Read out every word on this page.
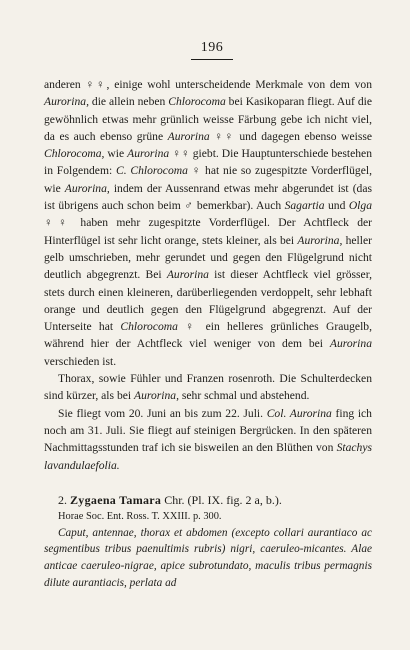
196

anderen ♀♀, einige wohl unterscheidende Merkmale von dem von Aurorina, die allein neben Chlorocoma bei Kasikoparan fliegt. Auf die gewöhnlich etwas mehr grünlich weisse Färbung gebe ich nicht viel, da es auch ebenso grüne Aurorina ♀♀ und dagegen ebenso weisse Chlorocoma, wie Aurorina ♀♀ giebt. Die Hauptunterschiede bestehen in Folgendem: C. Chlorocoma ♀ hat nie so zugespitzte Vorderflügel, wie Aurorina, indem der Aussenrand etwas mehr abgerundet ist (das ist übrigens auch schon beim ♂ bemerkbar). Auch Sagartia und Olga ♀♀ haben mehr zugespitzte Vorderflügel. Der Achtfleck der Hinterflügel ist sehr licht orange, stets kleiner, als bei Aurorina, heller gelb umschrieben, mehr gerundet und gegen den Flügelgrund nicht deutlich abgegrenzt. Bei Aurorina ist dieser Achtfleck viel grösser, stets durch einen kleineren, darüberliegenden verdoppelt, sehr lebhaft orange und deutlich gegen den Flügelgrund abgegrenzt. Auf der Unterseite hat Chlorocoma ♀ ein helleres grünliches Graugelb, während hier der Achtfleck viel weniger von dem bei Aurorina verschieden ist.

Thorax, sowie Fühler und Franzen rosenroth. Die Schulterdecken sind kürzer, als bei Aurorina, sehr schmal und abstehend.

Sie fliegt vom 20. Juni an bis zum 22. Juli. Col. Aurorina fing ich noch am 31. Juli. Sie fliegt auf steinigen Bergrücken. In den späteren Nachmittagsstunden traf ich sie bisweilen an den Blüthen von Stachys lavandulaefolia.

2. Zygaena Tamara Chr. (Pl. IX. fig. 2 a, b.).

Horae Soc. Ent. Ross. T. XXIII. p. 300.

Caput, antennae, thorax et abdomen (excepto collari aurantiaco ac segmentibus tribus paenultimis rubris) nigri, caeruleo-micantes. Alae anticae caeruleo-nigrae, apice subrotundato, maculis tribus permagnis dilute aurantiacis, perlata ad
